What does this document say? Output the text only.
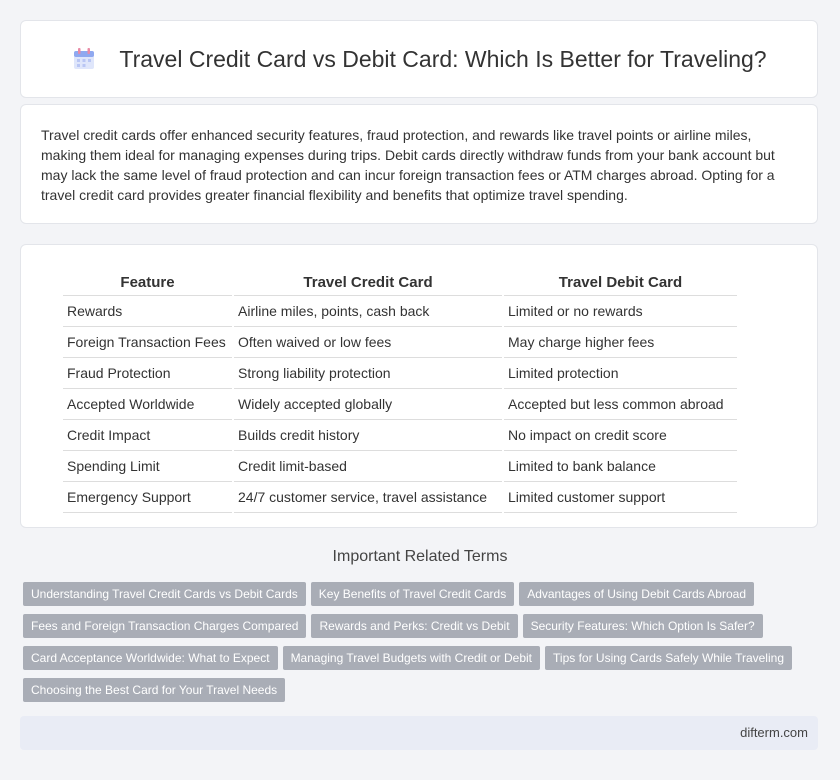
Travel Credit Card vs Debit Card: Which Is Better for Traveling?

Travel credit cards offer enhanced security features, fraud protection, and rewards like travel points or airline miles, making them ideal for managing expenses during trips. Debit cards directly withdraw funds from your bank account but may lack the same level of fraud protection and can incur foreign transaction fees or ATM charges abroad. Opting for a travel credit card provides greater financial flexibility and benefits that optimize travel spending.

Feature	Travel Credit Card	Travel Debit Card
Rewards	Airline miles, points, cash back	Limited or no rewards
Foreign Transaction Fees	Often waived or low fees	May charge higher fees
Fraud Protection	Strong liability protection	Limited protection
Accepted Worldwide	Widely accepted globally	Accepted but less common abroad
Credit Impact	Builds credit history	No impact on credit score
Spending Limit	Credit limit-based	Limited to bank balance
Emergency Support	24/7 customer service, travel assistance	Limited customer support
Important Related Terms
Understanding Travel Credit Cards vs Debit Cards Key Benefits of Travel Credit Cards Advantages of Using Debit Cards AbroadFees and Foreign Transaction Charges Compared Rewards and Perks: Credit vs Debit Security Features: Which Option Is Safer?Card Acceptance Worldwide: What to Expect Managing Travel Budgets with Credit or Debit Tips for Using Cards Safely While TravelingChoosing the Best Card for Your Travel Needs
difterm.com
